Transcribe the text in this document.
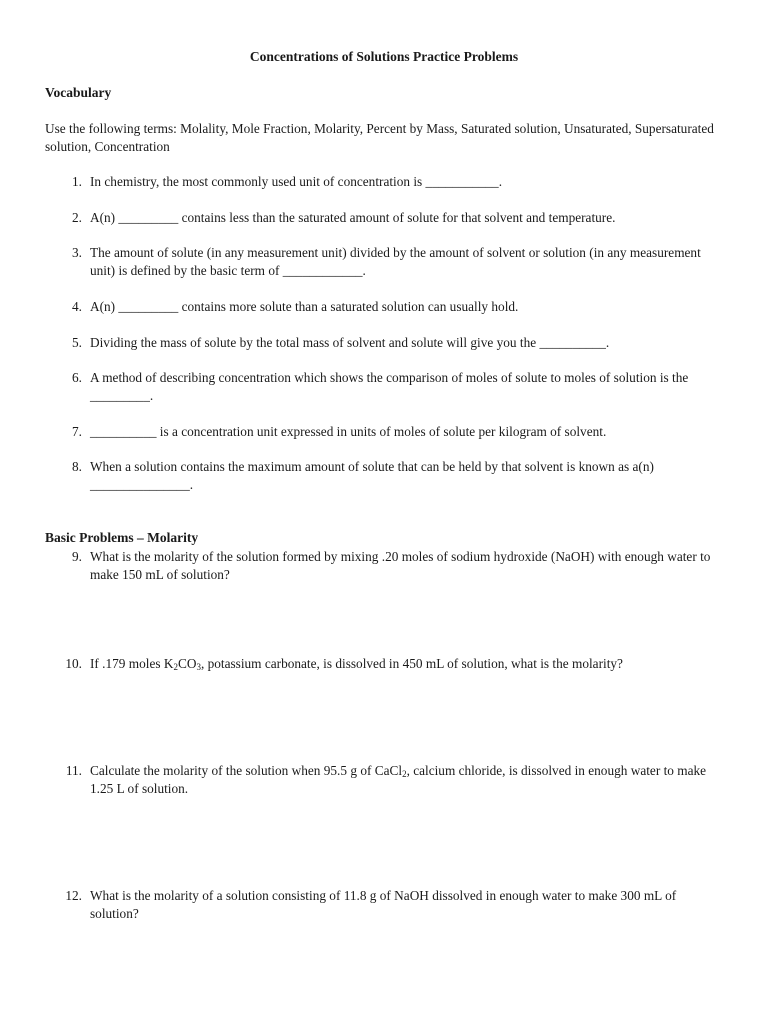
Concentrations of Solutions Practice Problems
Vocabulary
Use the following terms: Molality, Mole Fraction, Molarity, Percent by Mass, Saturated solution, Unsaturated, Supersaturated solution, Concentration
1. In chemistry, the most commonly used unit of concentration is ___________.
2. A(n) _________ contains less than the saturated amount of solute for that solvent and temperature.
3. The amount of solute (in any measurement unit) divided by the amount of solvent or solution (in any measurement unit) is defined by the basic term of ____________.
4. A(n) _________ contains more solute than a saturated solution can usually hold.
5. Dividing the mass of solute by the total mass of solvent and solute will give you the __________.
6. A method of describing concentration which shows the comparison of moles of solute to moles of solution is the _________.
7. __________ is a concentration unit expressed in units of moles of solute per kilogram of solvent.
8. When a solution contains the maximum amount of solute that can be held by that solvent is known as a(n) _______________.
Basic Problems – Molarity
9. What is the molarity of the solution formed by mixing .20 moles of sodium hydroxide (NaOH) with enough water to make 150 mL of solution?
10. If .179 moles $K_2CO_3$, potassium carbonate, is dissolved in 450 mL of solution, what is the molarity?
11. Calculate the molarity of the solution when 95.5 g of CaCl$_2$, calcium chloride, is dissolved in enough water to make 1.25 L of solution.
12. What is the molarity of a solution consisting of 11.8 g of NaOH dissolved in enough water to make 300 mL of solution?
